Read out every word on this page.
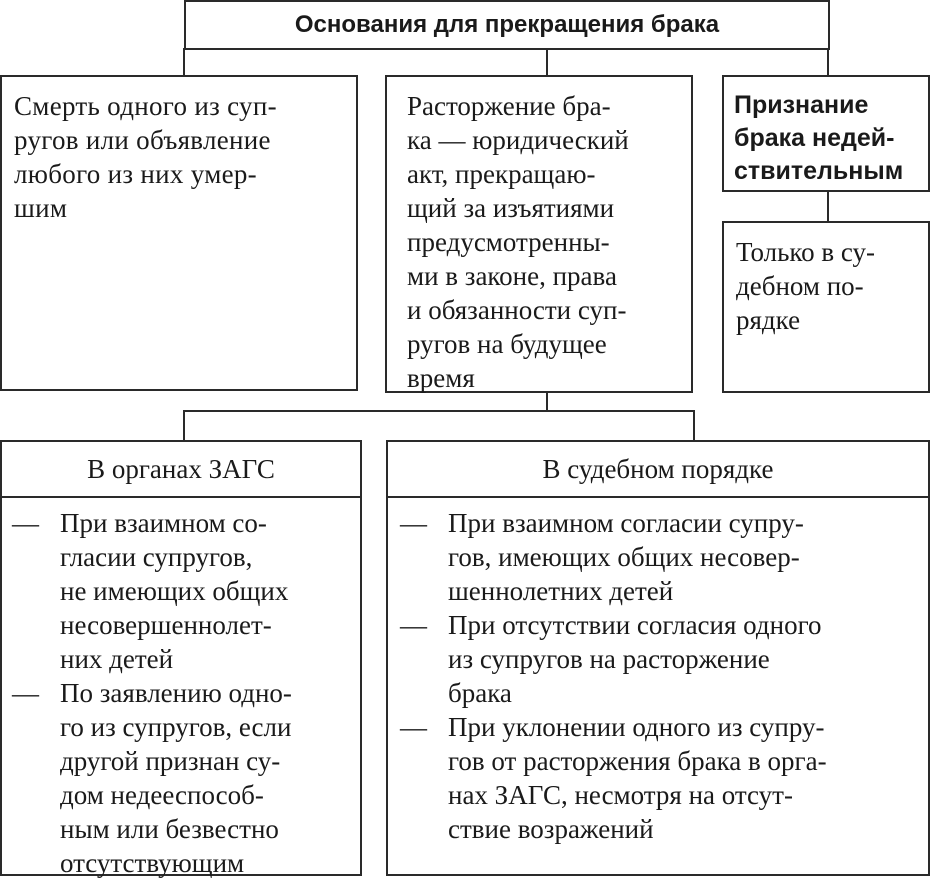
Основания для прекращения брака

Смерть одного из суп-
ругов или объявление
любого из них умер-
шим

Расторжение бра-
ка — юридический
акт, прекращаю-
щий за изъятиями
предусмотренны-
ми в законе, права
и обязанности суп-
ругов на будущее
время

Признание
брака недей-
ствительным

Только в су-
дебном по-
рядке

В органах ЗАГС
— При взаимном со-
гласии супругов,
не имеющих общих
несовершеннолет-
них детей
— По заявлению одно-
го из супругов, если
другой признан су-
дом недееспособ-
ным или безвестно
отсутствующим
В судебном порядке
— При взаимном согласии супру-
гов, имеющих общих несовер-
шеннолетних детей
— При отсутствии согласия одного
из супругов на расторжение
брака
— При уклонении одного из супру-
гов от расторжения брака в орга-
нах ЗАГС, несмотря на отсут-
ствие возражений
